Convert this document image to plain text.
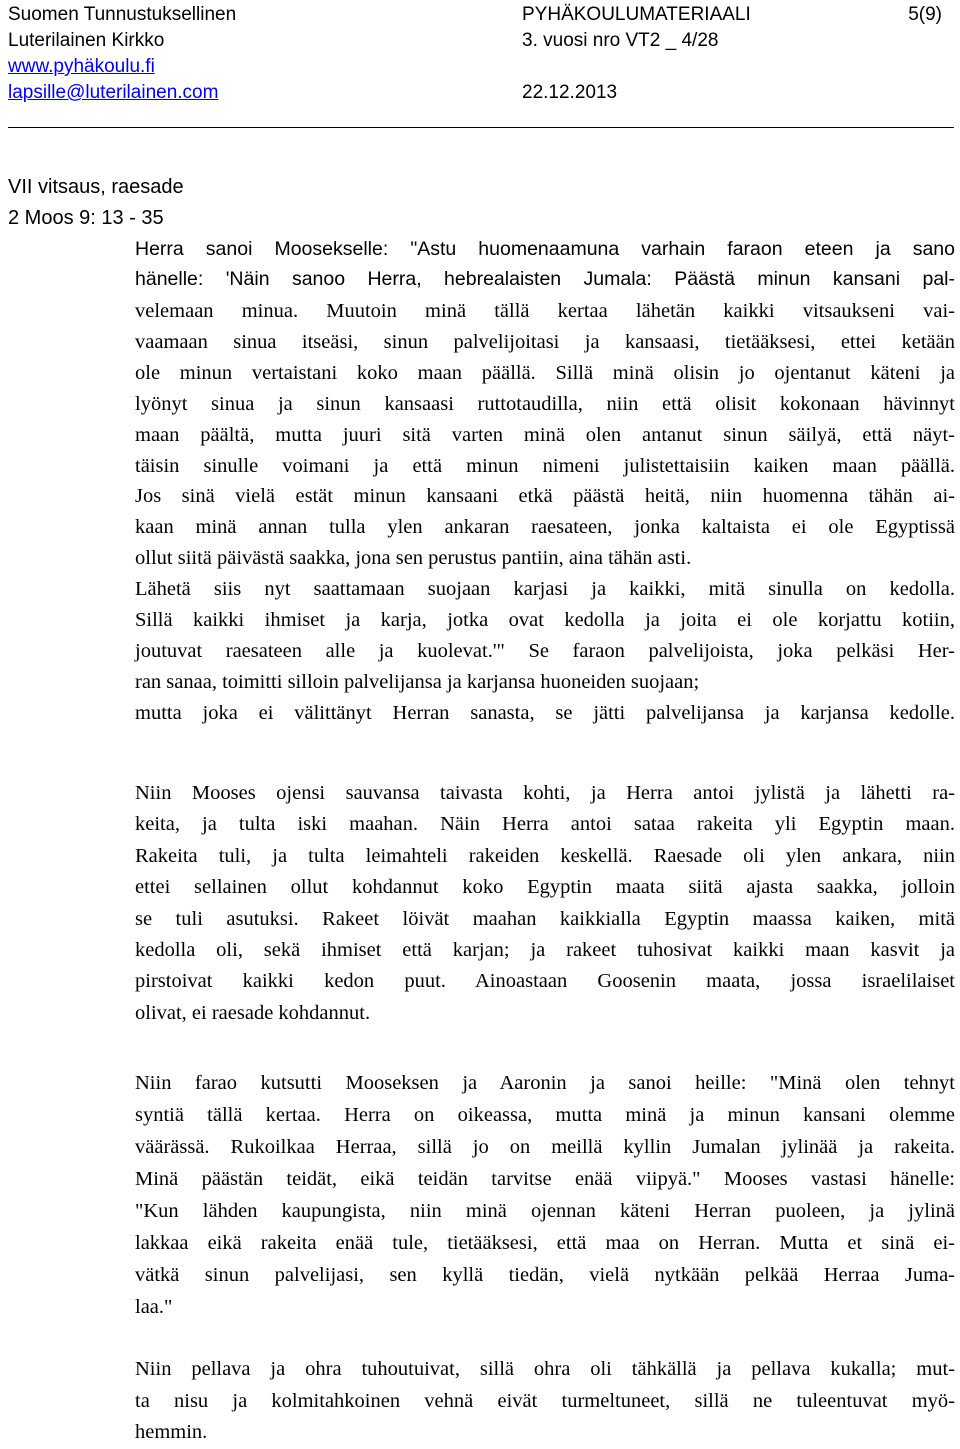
Suomen Tunnustuksellinen	PYHÄKOULUMATERIAALI	5(9)
Luterilainen Kirkko	3. vuosi nro VT2 _ 4/28
www.pyhäkoulu.fi
lapsille@luterilainen.com	22.12.2013
VII vitsaus, raesade
2 Moos 9: 13 - 35
Herra sanoi Moosekselle: "Astu huomenaamuna varhain faraon eteen ja sano
hänelle: 'Näin sanoo Herra, hebrealaisten Jumala: Päästä minun kansani pal-
velemaan minua. Muutoin minä tällä kertaa lähetän kaikki vitsaukseni vai-
vaamaan sinua itseäsi, sinun palvelijoitasi ja kansaasi, tietääksesi, ettei ketään
ole minun vertaistani koko maan päällä. Sillä minä olisin jo ojentanut käteni ja
lyönyt sinua ja sinun kansaasi ruttotaudilla, niin että olisit kokonaan hävinnyt
maan päältä, mutta juuri sitä varten minä olen antanut sinun säilyä, että näyt-
täisin sinulle voimani ja että minun nimeni julistettaisiin kaiken maan päällä.
Jos sinä vielä estät minun kansaani etkä päästä heitä, niin huomenna tähän ai-
kaan minä annan tulla ylen ankaran raesateen, jonka kaltaista ei ole Egyptissä
ollut siitä päivästä saakka, jona sen perustus pantiin, aina tähän asti.
Lähetä siis nyt saattamaan suojaan karjasi ja kaikki, mitä sinulla on kedolla.
Sillä kaikki ihmiset ja karja, jotka ovat kedolla ja joita ei ole korjattu kotiin,
joutuvat raesateen alle ja kuolevat.'" Se faraon palvelijoista, joka pelkäsi Her-
ran sanaa, toimitti silloin palvelijansa ja karjansa huoneiden suojaan;
mutta joka ei välittänyt Herran sanasta, se jätti palvelijansa ja karjansa kedolle.
Niin Mooses ojensi sauvansa taivasta kohti, ja Herra antoi jylistä ja lähetti ra-
keita, ja tulta iski maahan. Näin Herra antoi sataa rakeita yli Egyptin maan.
Rakeita tuli, ja tulta leimahteli rakeiden keskellä. Raesade oli ylen ankara, niin
ettei sellainen ollut kohdannut koko Egyptin maata siitä ajasta saakka, jolloin
se tuli asutuksi. Rakeet löivät maahan kaikkialla Egyptin maassa kaiken, mitä
kedolla oli, sekä ihmiset että karjan; ja rakeet tuhosivat kaikki maan kasvit ja
pirstoivat kaikki kedon puut. Ainoastaan Goosenin maata, jossa israelilaiset
olivat, ei raesade kohdannut.
Niin farao kutsutti Mooseksen ja Aaronin ja sanoi heille: "Minä olen tehnyt
syntiä tällä kertaa. Herra on oikeassa, mutta minä ja minun kansani olemme
väärässä. Rukoilkaa Herraa, sillä jo on meillä kyllin Jumalan jylinää ja rakeita.
Minä päästän teidät, eikä teidän tarvitse enää viipyä." Mooses vastasi hänelle:
"Kun lähden kaupungista, niin minä ojennan käteni Herran puoleen, ja jylinä
lakkaa eikä rakeita enää tule, tietääksesi, että maa on Herran. Mutta et sinä ei-
vätkä sinun palvelijasi, sen kyllä tiedän, vielä nytkään pelkää Herraa Juma-
laa."
Niin pellava ja ohra tuhoutuivat, sillä ohra oli tähkällä ja pellava kukalla; mut-
ta nisu ja kolmitahkoinen vehnä eivät turmeltuneet, sillä ne tuleentuvat myö-
hemmin.
